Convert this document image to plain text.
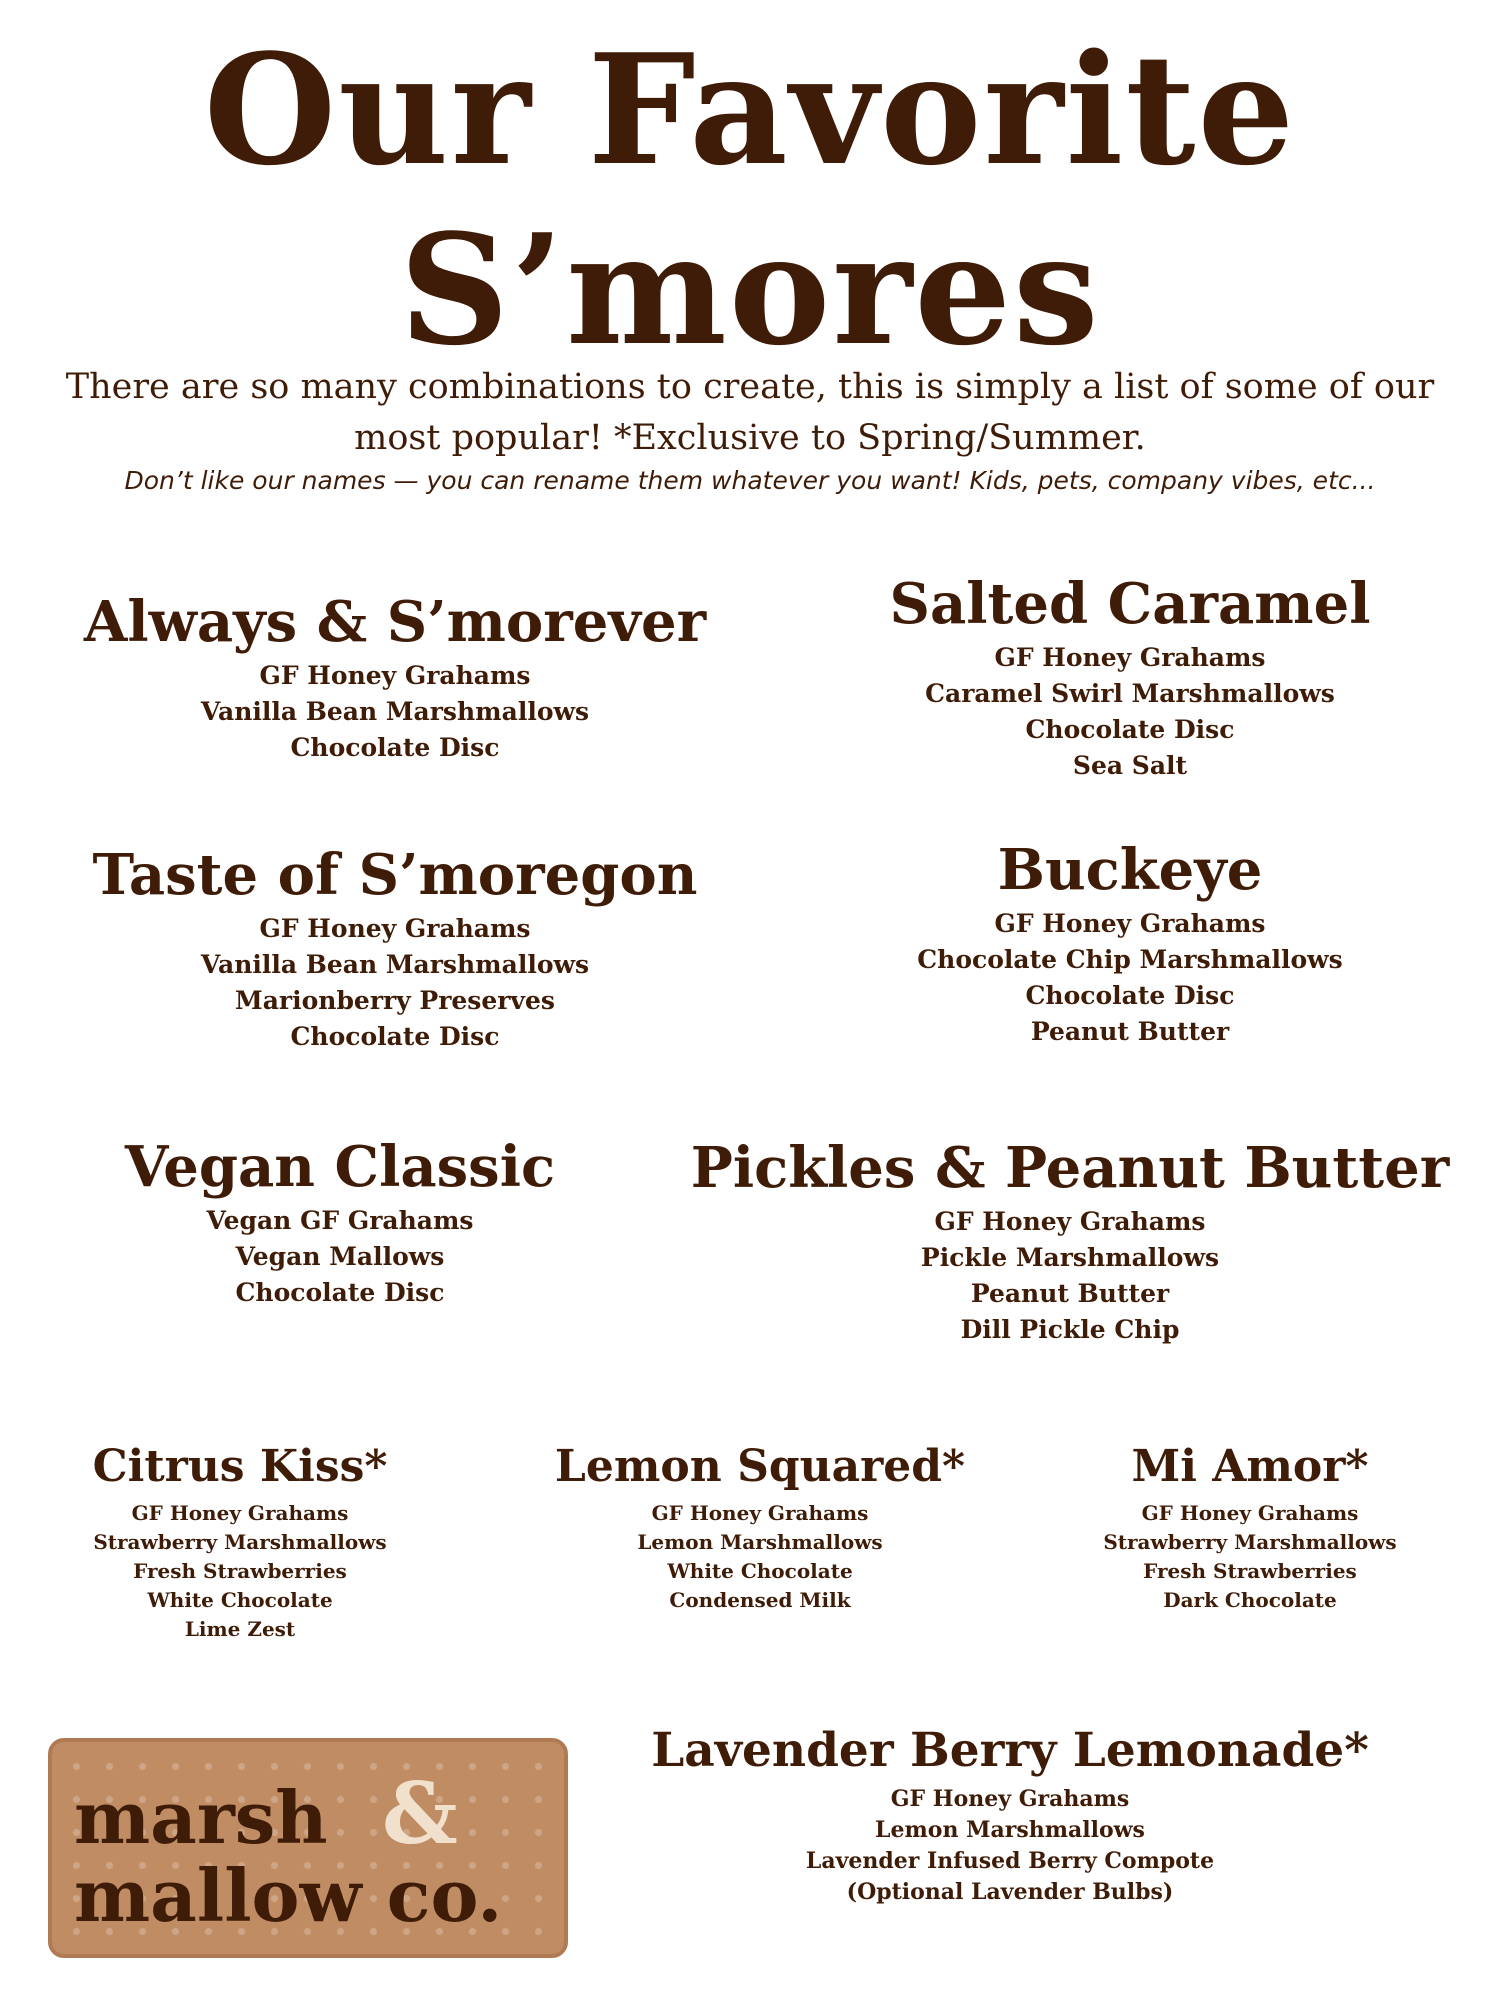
Our Favorite
S’mores
There are so many combinations to create, this is simply a list of some of our
most popular! *Exclusive to Spring/Summer.
Don’t like our names — you can rename them whatever you want! Kids, pets, company vibes, etc...
Always & S’morever
GF Honey Grahams
Vanilla Bean Marshmallows
Chocolate Disc
Salted Caramel
GF Honey Grahams
Caramel Swirl Marshmallows
Chocolate Disc
Sea Salt
Taste of S’moregon
GF Honey Grahams
Vanilla Bean Marshmallows
Marionberry Preserves
Chocolate Disc
Buckeye
GF Honey Grahams
Chocolate Chip Marshmallows
Chocolate Disc
Peanut Butter
Vegan Classic
Vegan GF Grahams
Vegan Mallows
Chocolate Disc
Pickles & Peanut Butter
GF Honey Grahams
Pickle Marshmallows
Peanut Butter
Dill Pickle Chip
Citrus Kiss*
GF Honey Grahams
Strawberry Marshmallows
Fresh Strawberries
White Chocolate
Lime Zest
Lemon Squared*
GF Honey Grahams
Lemon Marshmallows
White Chocolate
Condensed Milk
Mi Amor*
GF Honey Grahams
Strawberry Marshmallows
Fresh Strawberries
Dark Chocolate
Lavender Berry Lemonade*
GF Honey Grahams
Lemon Marshmallows
Lavender Infused Berry Compote
(Optional Lavender Bulbs)
marsh &
mallow co.
